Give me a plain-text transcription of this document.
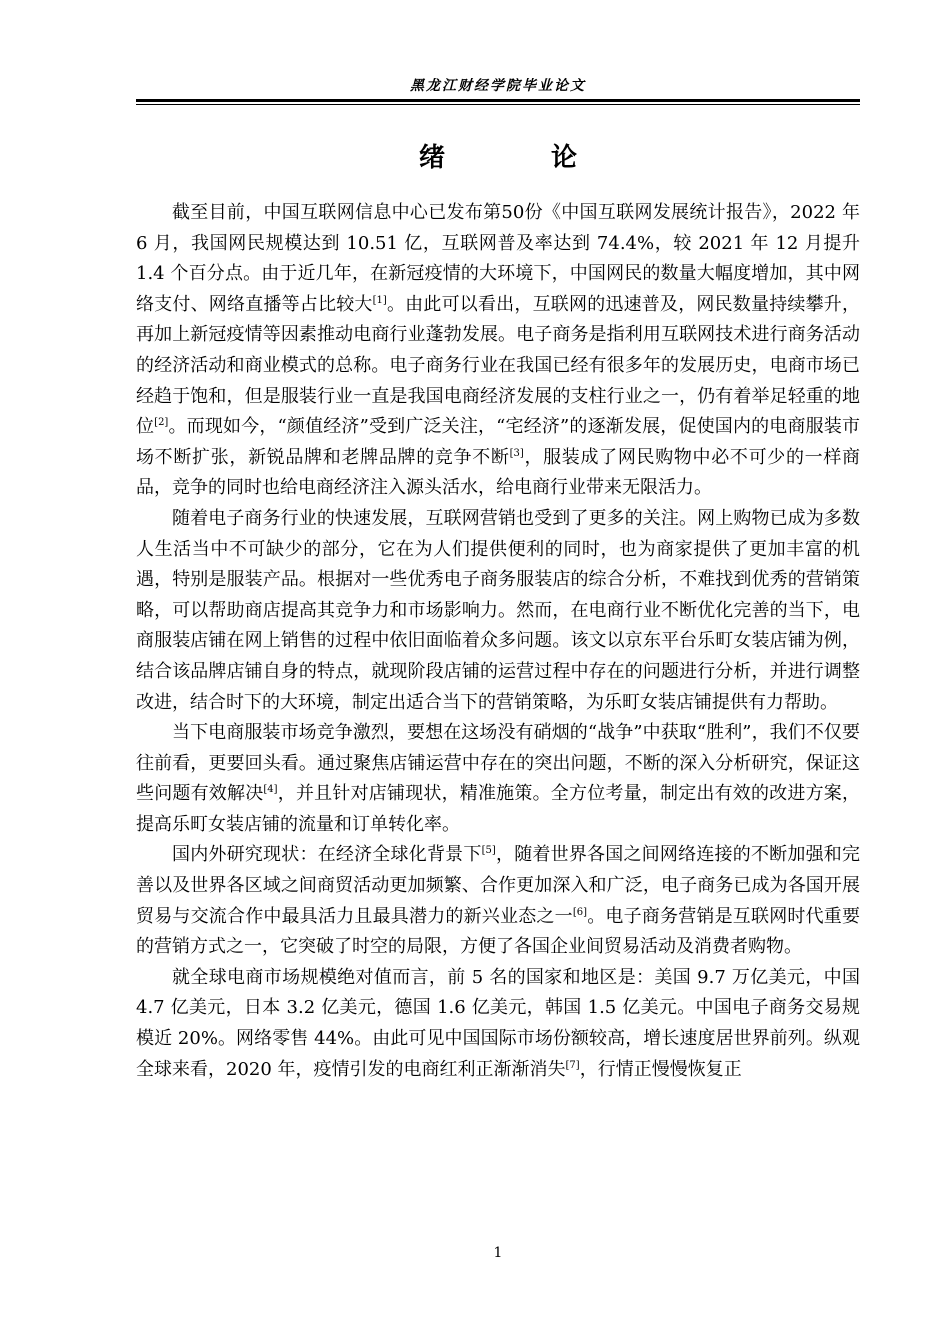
黑龙江财经学院毕业论文
绪　论

截至目前，中国互联网信息中心已发布第50份《中国互联网发展统计报告》，2022 年 6 月，我国网民规模达到 10.51 亿，互联网普及率达到 74.4%，较 2021 年 12 月提升 1.4 个百分点。由于近几年，在新冠疫情的大环境下，中国网民的数量大幅度增加，其中网络支付、网络直播等占比较大[1]。由此可以看出，互联网的迅速普及，网民数量持续攀升，再加上新冠疫情等因素推动电商行业蓬勃发展。电子商务是指利用互联网技术进行商务活动的经济活动和商业模式的总称。电子商务行业在我国已经有很多年的发展历史，电商市场已经趋于饱和，但是服装行业一直是我国电商经济发展的支柱行业之一，仍有着举足轻重的地位[2]。而现如今，“颜值经济”受到广泛关注，“宅经济”的逐渐发展，促使国内的电商服装市场不断扩张，新锐品牌和老牌品牌的竞争不断[3]，服装成了网民购物中必不可少的一样商品，竞争的同时也给电商经济注入源头活水，给电商行业带来无限活力。

随着电子商务行业的快速发展，互联网营销也受到了更多的关注。网上购物已成为多数人生活当中不可缺少的部分，它在为人们提供便利的同时，也为商家提供了更加丰富的机遇，特别是服装产品。根据对一些优秀电子商务服装店的综合分析，不难找到优秀的营销策略，可以帮助商店提高其竞争力和市场影响力。然而，在电商行业不断优化完善的当下，电商服装店铺在网上销售的过程中依旧面临着众多问题。该文以京东平台乐町女装店铺为例，结合该品牌店铺自身的特点，就现阶段店铺的运营过程中存在的问题进行分析，并进行调整改进，结合时下的大环境，制定出适合当下的营销策略，为乐町女装店铺提供有力帮助。

当下电商服装市场竞争激烈，要想在这场没有硝烟的“战争”中获取“胜利”，我们不仅要往前看，更要回头看。通过聚焦店铺运营中存在的突出问题，不断的深入分析研究，保证这些问题有效解决[4]，并且针对店铺现状，精准施策。全方位考量，制定出有效的改进方案，提高乐町女装店铺的流量和订单转化率。

国内外研究现状：在经济全球化背景下[5]，随着世界各国之间网络连接的不断加强和完善以及世界各区域之间商贸活动更加频繁、合作更加深入和广泛，电子商务已成为各国开展贸易与交流合作中最具活力且最具潜力的新兴业态之一[6]。电子商务营销是互联网时代重要的营销方式之一，它突破了时空的局限，方便了各国企业间贸易活动及消费者购物。

就全球电商市场规模绝对值而言，前 5 名的国家和地区是：美国 9.7 万亿美元，中国 4.7 亿美元，日本 3.2 亿美元，德国 1.6 亿美元，韩国 1.5 亿美元。中国电子商务交易规模近 20%。网络零售 44%。由此可见中国国际市场份额较高，增长速度居世界前列。纵观全球来看，2020 年，疫情引发的电商红利正渐渐消失[7]，行情正慢慢恢复正

1
